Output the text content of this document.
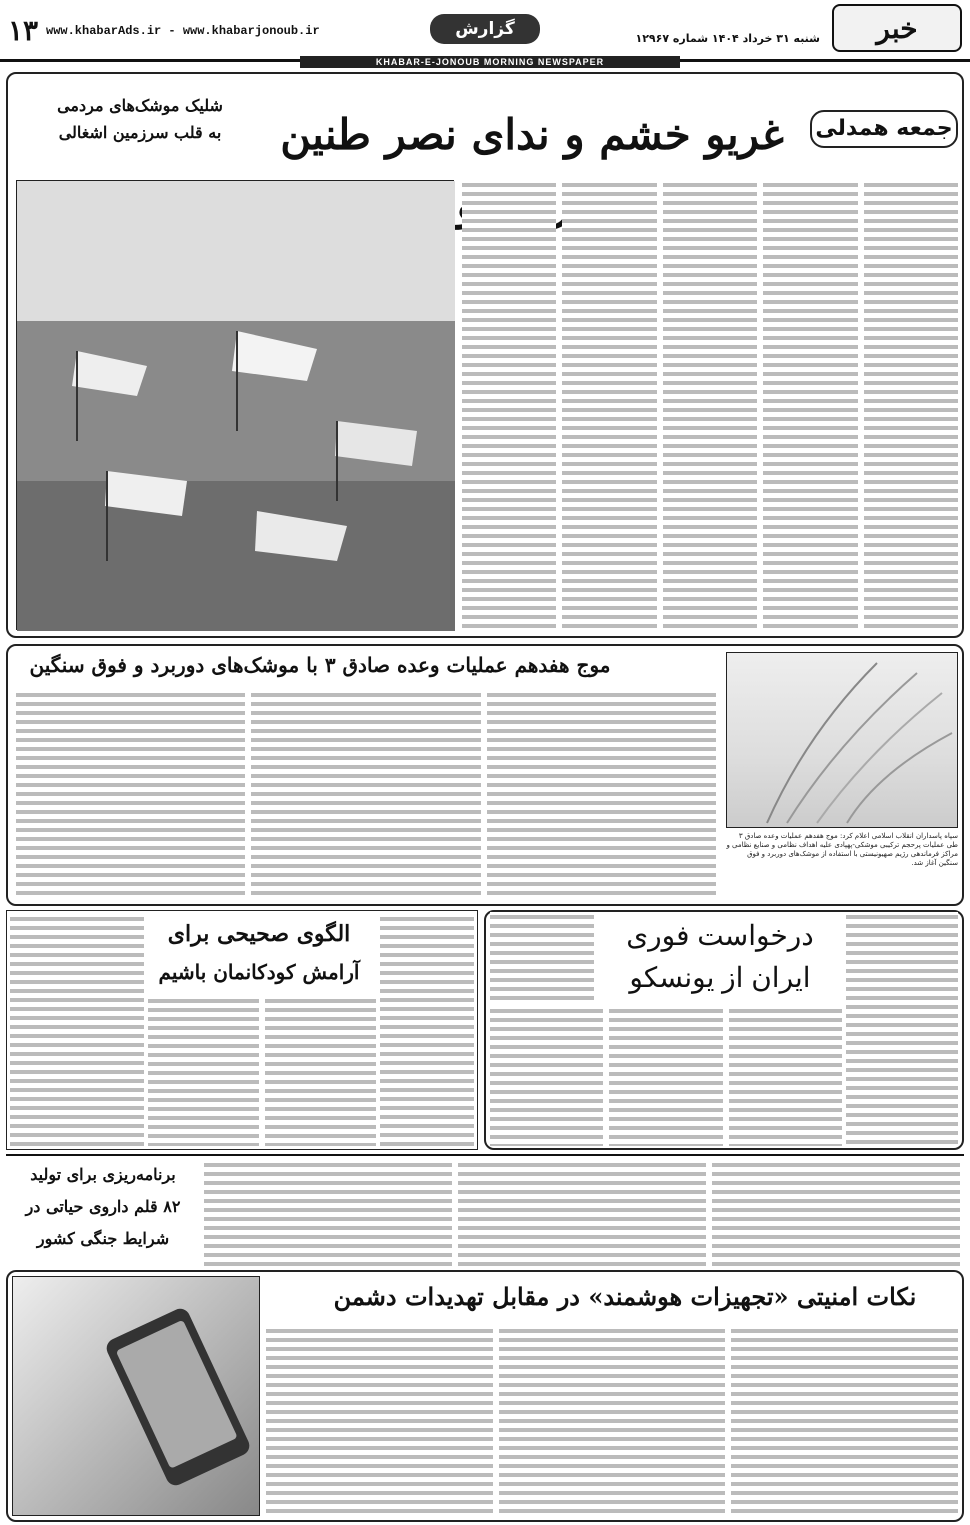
خبر
۱۳ www.khabarAds.ir - www.khabarjonoub.ir	گزارش	شنبه ۳۱ خرداد ۱۴۰۴ شماره ۱۲۹۶۷
KHABAR-E-JONOUB MORNING NEWSPAPER
جمعه همدلی
غریو خشم و ندای نصر طنین
شلیک موشک‌های مردمی
به قلب سرزمین اشغالی
موج هفدهم عملیات وعده صادق ۳ با موشک‌های دوربرد و فوق سنگین
سپاه پاسداران انقلاب اسلامی اعلام کرد: موج هفدهم عملیات وعده صادق ۳ طی عملیات پرحجم ترکیبی موشکی-پهپادی علیه اهداف نظامی و صنایع نظامی و مراکز فرماندهی رژیم صهیونیستی با استفاده از موشک‌های دوربرد و فوق سنگین آغاز شد.
درخواست فوری
ایران از یونسکو
الگوی صحیحی برای
آرامش کودکانمان باشیم
برنامه‌ریزی برای تولید
۸۲ قلم داروی حیاتی در
شرایط جنگی کشور
نکات امنیتی «تجهیزات هوشمند» در مقابل تهدیدات دشمن
